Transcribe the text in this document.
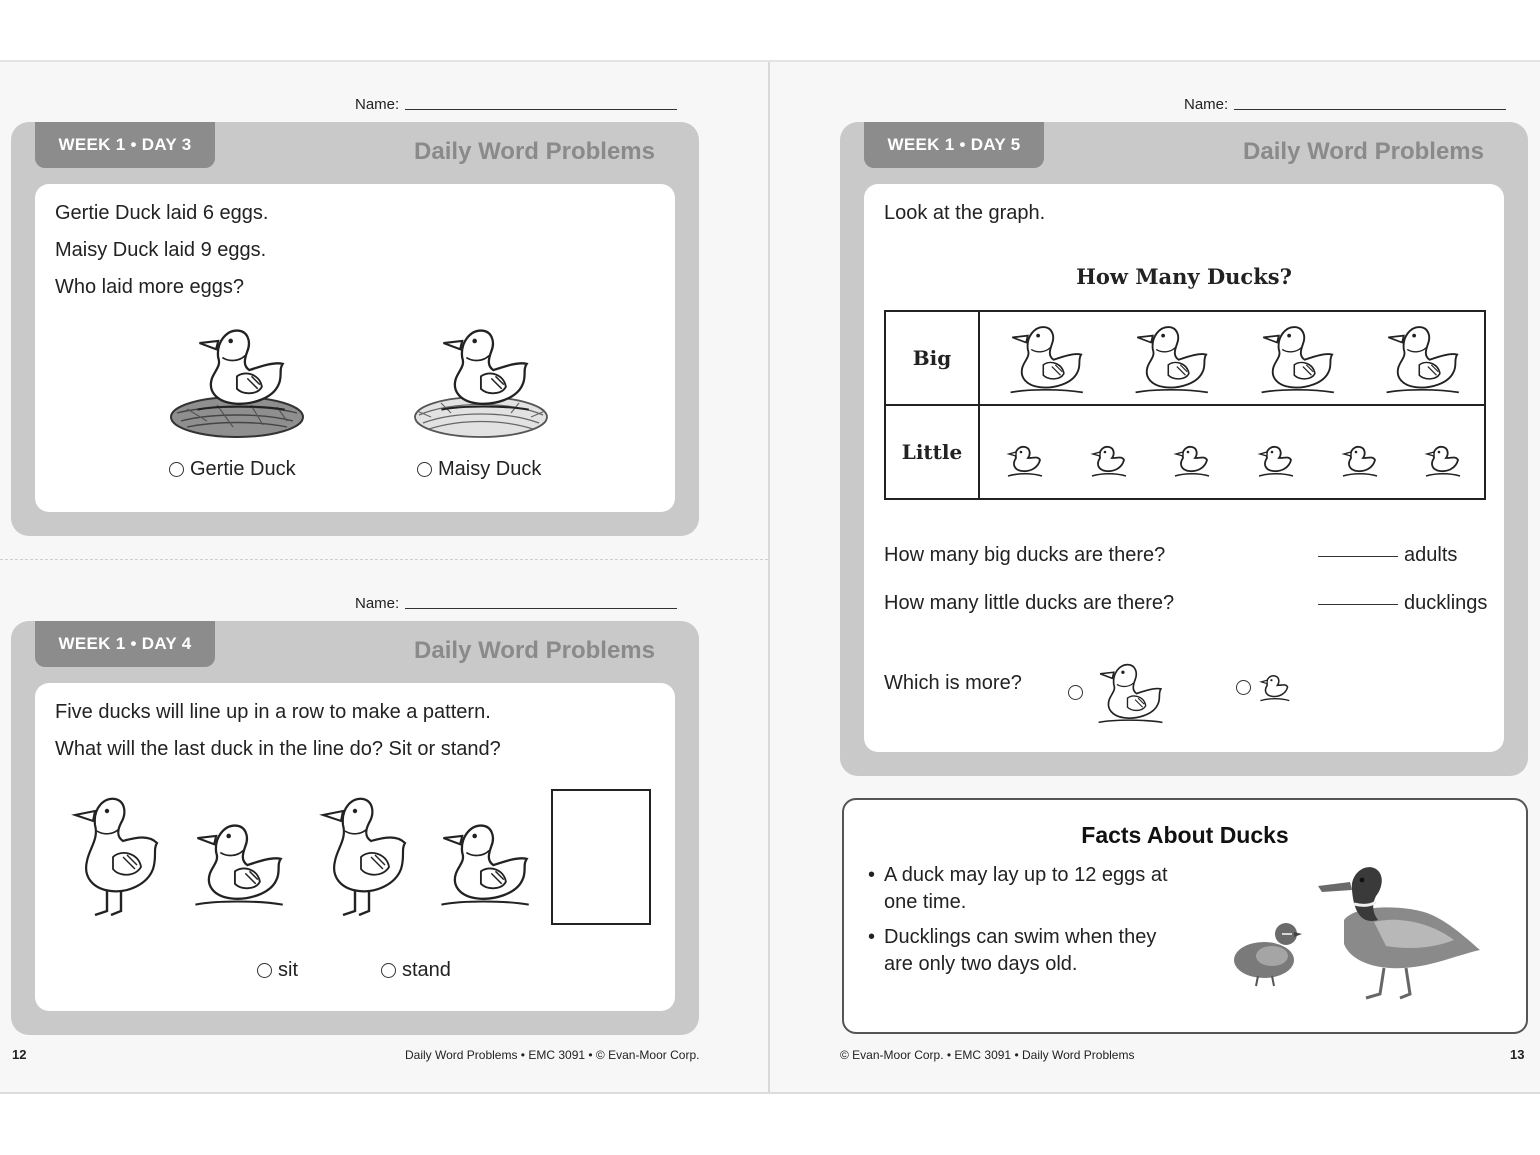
Name:
WEEK 1 • DAY 3	Daily Word Problems
Gertie Duck laid 6 eggs.
Maisy Duck laid 9 eggs.
Who laid more eggs?
Gertie Duck	Maisy Duck
Name:
WEEK 1 • DAY 4	Daily Word Problems
Five ducks will line up in a row to make a pattern.
What will the last duck in the line do? Sit or stand?
sit	stand
12	Daily Word Problems • EMC 3091 • © Evan-Moor Corp.
Name:
WEEK 1 • DAY 5	Daily Word Problems
Look at the graph.
How Many Ducks?
Big
Little
How many big ducks are there?	adults
How many little ducks are there?	ducklings
Which is more?
Facts About Ducks
• A duck may lay up to 12 eggs at one time.
• Ducklings can swim when they are only two days old.
© Evan-Moor Corp. • EMC 3091 • Daily Word Problems	13
